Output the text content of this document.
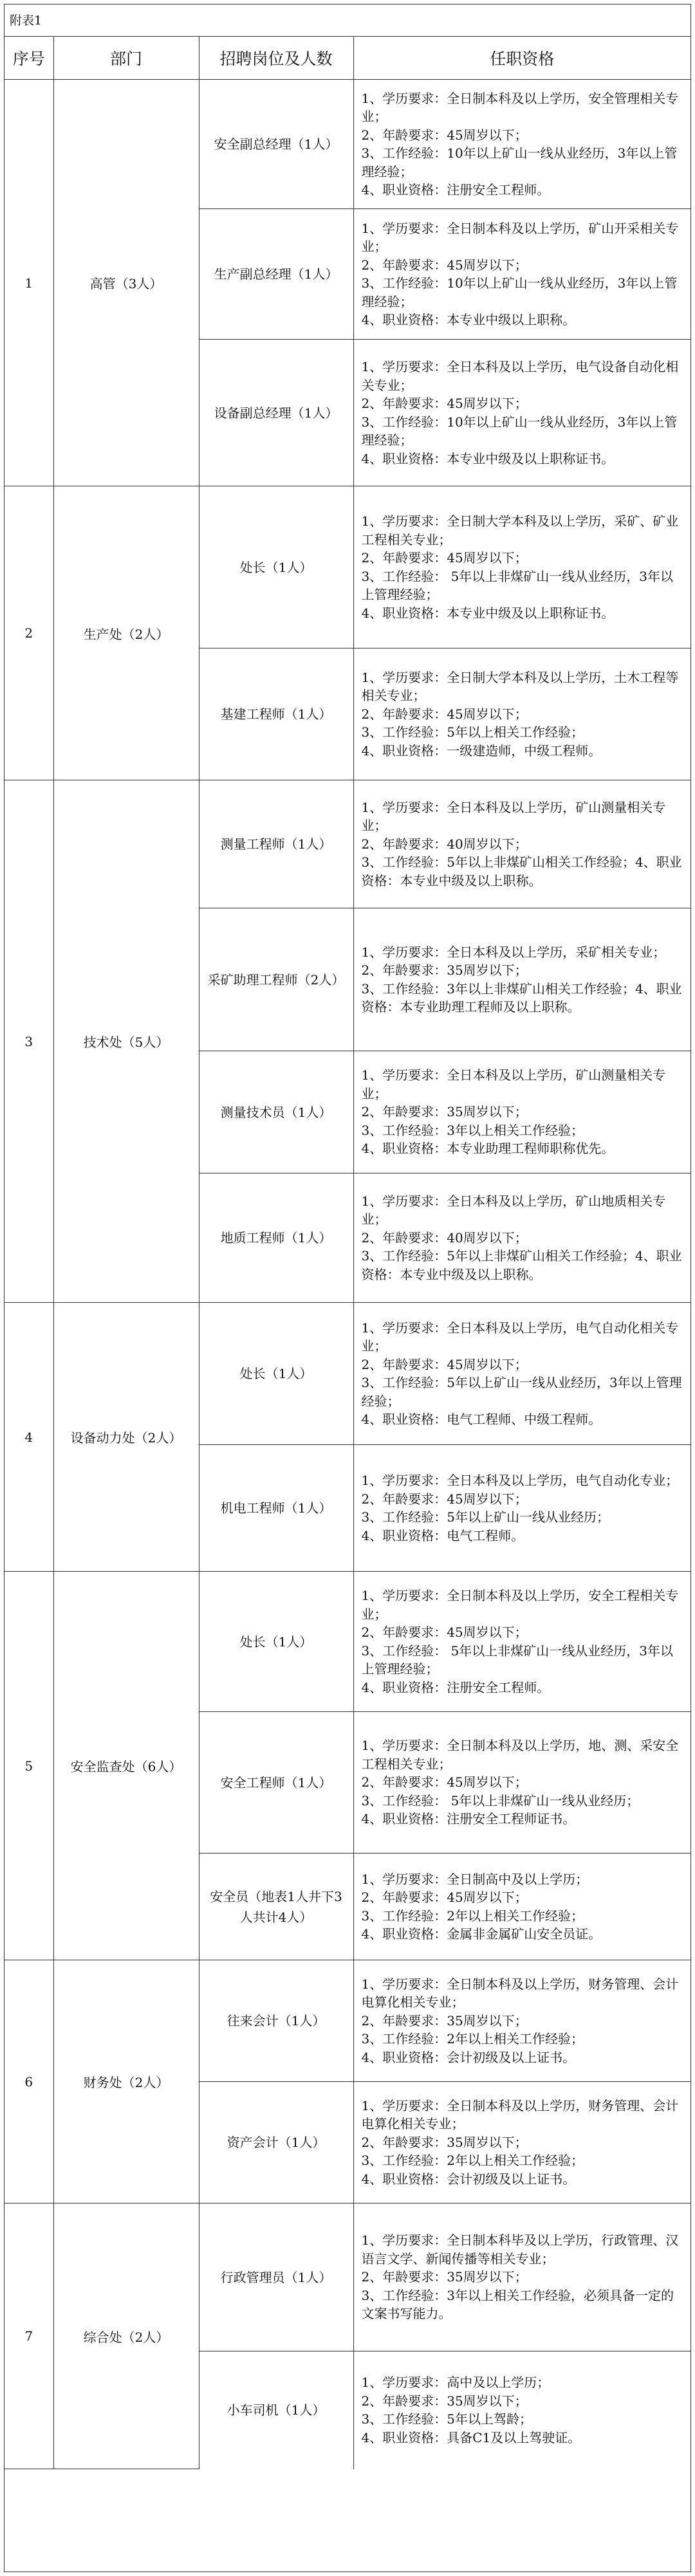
附表1
序号	部门	招聘岗位及人数	任职资格
1	高管（3人）	安全副总经理（1人）	1、学历要求：全日制本科及以上学历，安全管理相关专业；
2、年龄要求：45周岁以下；
3、工作经验：10年以上矿山一线从业经历，3年以上管理经验；
4、职业资格：注册安全工程师。

		生产副总经理（1人）	1、学历要求：全日制本科及以上学历，矿山开采相关专业；
2、年龄要求：45周岁以下；
3、工作经验：10年以上矿山一线从业经历，3年以上管理经验；
4、职业资格：本专业中级以上职称。

		设备副总经理（1人）	1、学历要求：全日本科及以上学历，电气设备自动化相关专业；
2、年龄要求：45周岁以下；
3、工作经验：10年以上矿山一线从业经历，3年以上管理经验；
4、职业资格：本专业中级及以上职称证书。

2	生产处（2人）	处长（1人）	1、学历要求：全日制大学本科及以上学历，采矿、矿业工程相关专业；
2、年龄要求：45周岁以下；
3、工作经验： 5年以上非煤矿山一线从业经历，3年以上管理经验；
4、职业资格：本专业中级及以上职称证书。

		基建工程师（1人）	1、学历要求：全日制大学本科及以上学历，土木工程等相关专业；
2、年龄要求：45周岁以下；
3、工作经验：5年以上相关工作经验；
4、职业资格：一级建造师，中级工程师。

3	技术处（5人）	测量工程师（1人）	1、学历要求：全日本科及以上学历，矿山测量相关专业；
2、年龄要求：40周岁以下；
3、工作经验：5年以上非煤矿山相关工作经验；4、职业资格：本专业中级及以上职称。

		采矿助理工程师（2人）	1、学历要求：全日本科及以上学历，采矿相关专业；
2、年龄要求：35周岁以下；
3、工作经验：3年以上非煤矿山相关工作经验；4、职业资格：本专业助理工程师及以上职称。

		测量技术员（1人）	1、学历要求：全日本科及以上学历，矿山测量相关专业；
2、年龄要求：35周岁以下；
3、工作经验：3年以上相关工作经验；
4、职业资格：本专业助理工程师职称优先。

		地质工程师（1人）	1、学历要求：全日本科及以上学历，矿山地质相关专业；
2、年龄要求：40周岁以下；
3、工作经验：5年以上非煤矿山相关工作经验；4、职业资格：本专业中级及以上职称。

4	设备动力处（2人）	处长（1人）	1、学历要求：全日本科及以上学历，电气自动化相关专业；
2、年龄要求：45周岁以下；
3、工作经验：5年以上矿山一线从业经历，3年以上管理经验；
4、职业资格：电气工程师、中级工程师。

		机电工程师（1人）	1、学历要求：全日本科及以上学历，电气自动化专业；
2、年龄要求：45周岁以下；
3、工作经验：5年以上矿山一线从业经历；
4、职业资格：电气工程师。

5	安全监查处（6人）	处长（1人）	1、学历要求：全日制本科及以上学历，安全工程相关专业；
2、年龄要求：45周岁以下；
3、工作经验： 5年以上非煤矿山一线从业经历，3年以上管理经验；
4、职业资格：注册安全工程师。

		安全工程师（1人）	1、学历要求：全日制本科及以上学历，地、测、采安全工程相关专业；
2、年龄要求：45周岁以下；
3、工作经验： 5年以上非煤矿山一线从业经历；
4、职业资格：注册安全工程师证书。

		安全员（地表1人井下3人共计4人）	1、学历要求：全日制高中及以上学历；
2、年龄要求：45周岁以下；
3、工作经验：2年以上相关工作经验；
4、职业资格：金属非金属矿山安全员证。

6	财务处（2人）	往来会计（1人）	1、学历要求：全日制本科及以上学历，财务管理、会计电算化相关专业；
2、年龄要求：35周岁以下；
3、工作经验：2年以上相关工作经验；
4、职业资格：会计初级及以上证书。

		资产会计（1人）	1、学历要求：全日制本科及以上学历，财务管理、会计电算化相关专业；
2、年龄要求：35周岁以下；
3、工作经验：2年以上相关工作经验；
4、职业资格：会计初级及以上证书。

7	综合处（2人）	行政管理员（1人）	1、学历要求：全日制本科毕及以上学历，行政管理、汉语言文学、新闻传播等相关专业；
2、年龄要求：35周岁以下；
3、工作经验：3年以上相关工作经验，必须具备一定的文案书写能力。

		小车司机（1人）	1、学历要求：高中及以上学历；
2、年龄要求：35周岁以下；
3、工作经验：5年以上驾龄；
4、职业资格：具备C1及以上驾驶证。
